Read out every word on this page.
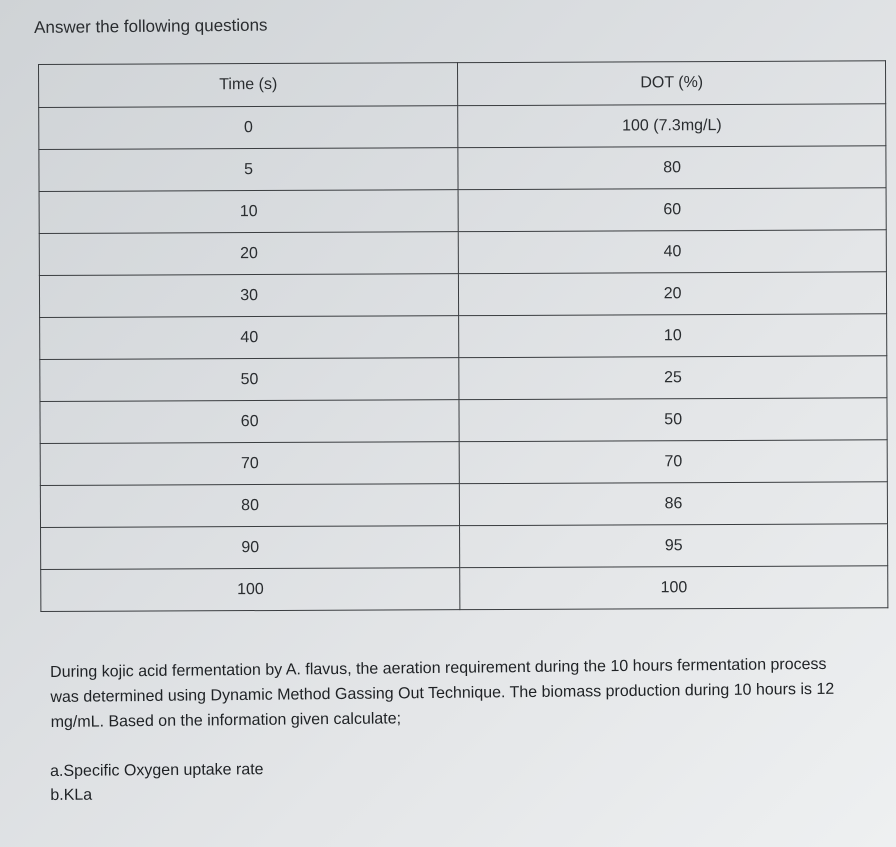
Answer the following questions
Time (s)	DOT (%)
0	100 (7.3mg/L)
5	80
10	60
20	40
30	20
40	10
50	25
60	50
70	70
80	86
90	95
100	100
During kojic acid fermentation by A. flavus, the aeration requirement during the 10 hours fermentation process was determined using Dynamic Method Gassing Out Technique. The biomass production during 10 hours is 12 mg/mL. Based on the information given calculate;
a.Specific Oxygen uptake rate
b.KLa
